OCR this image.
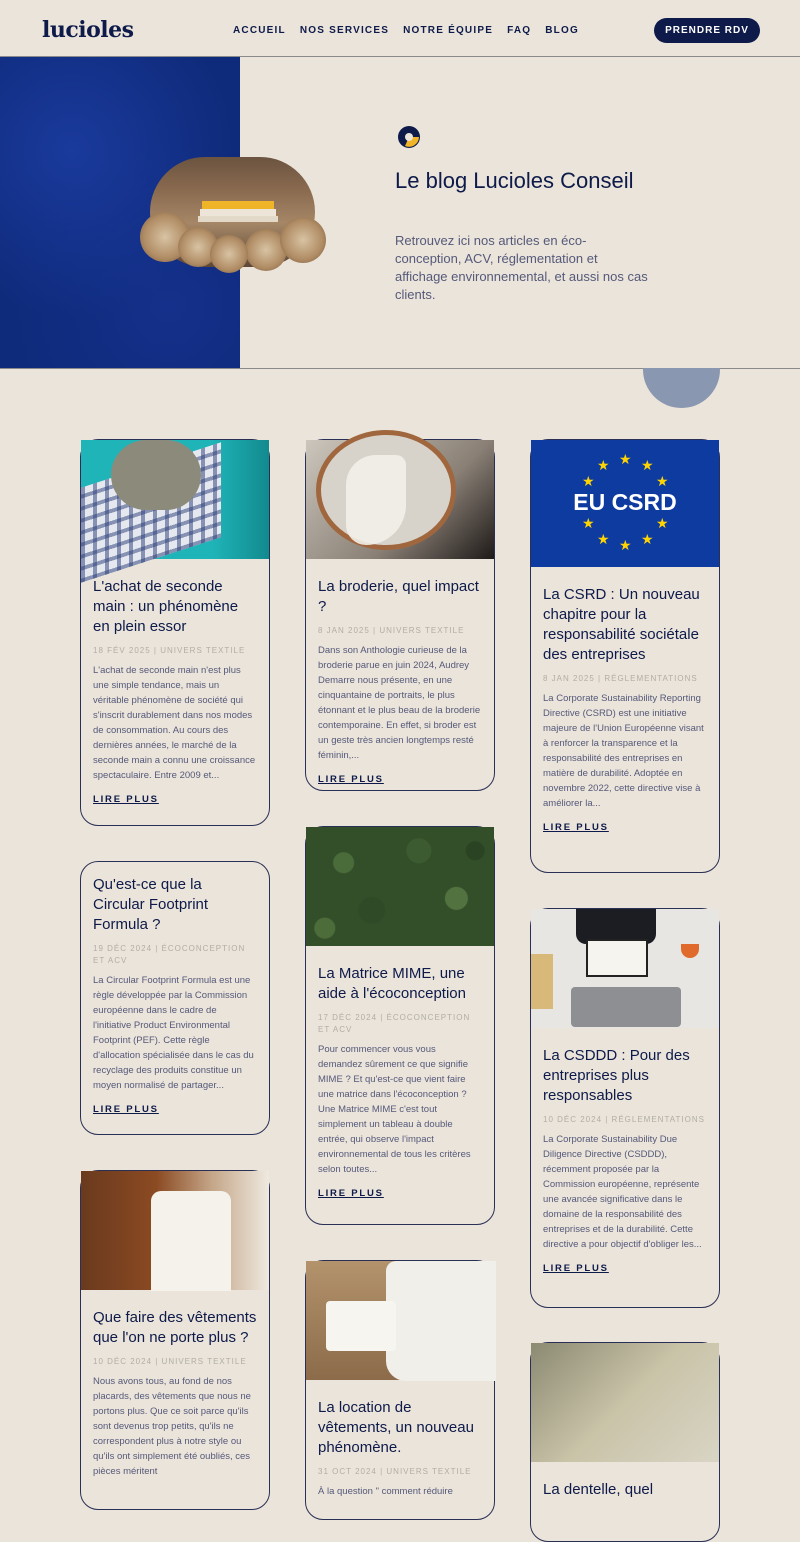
lucioles	ACCUEIL NOS SERVICES NOTRE ÉQUIPE FAQ BLOG	PRENDRE RDV
Le blog Lucioles Conseil

Retrouvez ici nos articles en éco-conception, ACV, réglementation et affichage environnemental, et aussi nos cas clients.

L'achat de seconde main : un phénomène en plein essor
18 FÉV 2025 | UNIVERS TEXTILE

L'achat de seconde main n'est plus une simple tendance, mais un véritable phénomène de société qui s'inscrit durablement dans nos modes de consommation. Au cours des dernières années, le marché de la seconde main a connu une croissance spectaculaire. Entre 2009 et...

LIRE PLUS
La broderie, quel impact ?
8 JAN 2025 | UNIVERS TEXTILE

Dans son Anthologie curieuse de la broderie parue en juin 2024, Audrey Demarre nous présente, en une cinquantaine de portraits, le plus étonnant et le plus beau de la broderie contemporaine. En effet, si broder est un geste très ancien longtemps resté féminin,...

LIRE PLUS
★
★ ★
★	★
★	★
★ ★
★
EU CSRD
La CSRD : Un nouveau chapitre pour la responsabilité sociétale des entreprises
8 JAN 2025 | RÉGLEMENTATIONS

La Corporate Sustainability Reporting Directive (CSRD) est une initiative majeure de l'Union Européenne visant à renforcer la transparence et la responsabilité des entreprises en matière de durabilité. Adoptée en novembre 2022, cette directive vise à améliorer la...

LIRE PLUS
Qu'est-ce que la Circular Footprint Formula ?
19 DÉC 2024 | ÉCOCONCEPTION ET ACV

La Circular Footprint Formula est une règle développée par la Commission européenne dans le cadre de l'initiative Product Environmental Footprint (PEF). Cette règle d'allocation spécialisée dans le cas du recyclage des produits constitue un moyen normalisé de partager...

LIRE PLUS
La Matrice MIME, une aide à l'écoconception
17 DÉC 2024 | ÉCOCONCEPTION ET ACV

Pour commencer vous vous demandez sûrement ce que signifie MIME ? Et qu'est-ce que vient faire une matrice dans l'écoconception ? Une Matrice MIME c'est tout simplement un tableau à double entrée, qui observe l'impact environnemental de tous les critères selon toutes...

LIRE PLUS
La CSDDD : Pour des entreprises plus responsables
10 DÉC 2024 | RÉGLEMENTATIONS

La Corporate Sustainability Due Diligence Directive (CSDDD), récemment proposée par la Commission européenne, représente une avancée significative dans le domaine de la responsabilité des entreprises et de la durabilité. Cette directive a pour objectif d'obliger les...

LIRE PLUS
Que faire des vêtements que l'on ne porte plus ?
10 DÉC 2024 | UNIVERS TEXTILE

Nous avons tous, au fond de nos placards, des vêtements que nous ne portons plus. Que ce soit parce qu'ils sont devenus trop petits, qu'ils ne correspondent plus à notre style ou qu'ils ont simplement été oubliés, ces pièces méritent

La location de vêtements, un nouveau phénomène.
31 OCT 2024 | UNIVERS TEXTILE

À la question " comment réduire	La dentelle, quel
